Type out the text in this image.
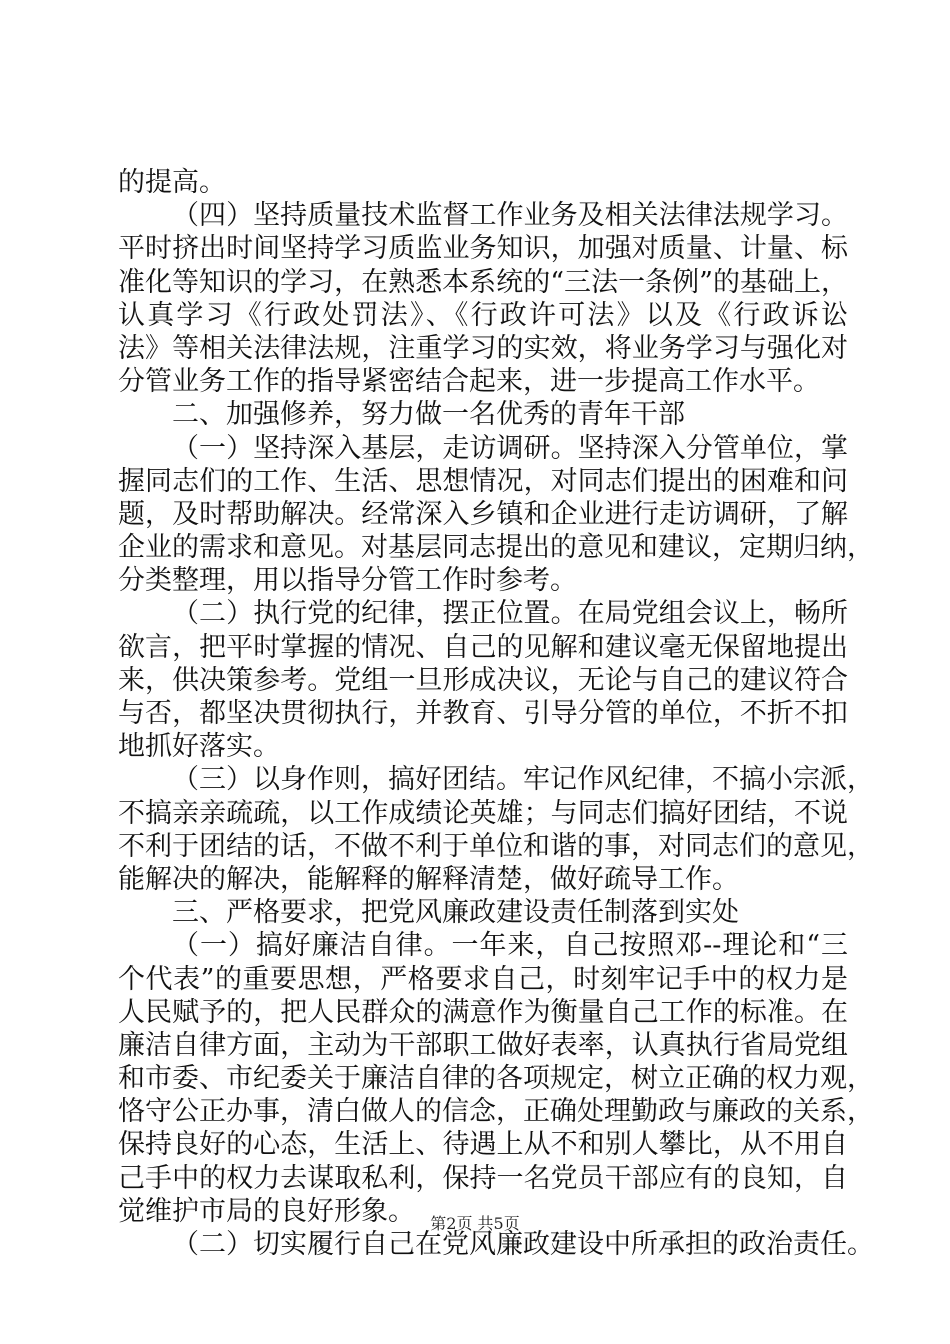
的提高。
（四）坚持质量技术监督工作业务及相关法律法规学习。
平时挤出时间坚持学习质监业务知识，加强对质量、计量、标
准化等知识的学习，在熟悉本系统的“三法一条例”的基础上，
认真学习《行政处罚法》、《行政许可法》以及《行政诉讼
法》等相关法律法规，注重学习的实效，将业务学习与强化对
分管业务工作的指导紧密结合起来，进一步提高工作水平。
二、加强修养，努力做一名优秀的青年干部
（一）坚持深入基层，走访调研。坚持深入分管单位，掌
握同志们的工作、生活、思想情况，对同志们提出的困难和问
题，及时帮助解决。经常深入乡镇和企业进行走访调研，了解
企业的需求和意见。对基层同志提出的意见和建议，定期归纳，
分类整理，用以指导分管工作时参考。
（二）执行党的纪律，摆正位置。在局党组会议上，畅所
欲言，把平时掌握的情况、自己的见解和建议毫无保留地提出
来，供决策参考。党组一旦形成决议，无论与自己的建议符合
与否，都坚决贯彻执行，并教育、引导分管的单位，不折不扣
地抓好落实。
（三）以身作则，搞好团结。牢记作风纪律，不搞小宗派，
不搞亲亲疏疏，以工作成绩论英雄；与同志们搞好团结，不说
不利于团结的话，不做不利于单位和谐的事，对同志们的意见，
能解决的解决，能解释的解释清楚，做好疏导工作。
三、严格要求，把党风廉政建设责任制落到实处
（一）搞好廉洁自律。一年来，自己按照邓--理论和“三
个代表”的重要思想，严格要求自己，时刻牢记手中的权力是
人民赋予的，把人民群众的满意作为衡量自己工作的标准。在
廉洁自律方面，主动为干部职工做好表率，认真执行省局党组
和市委、市纪委关于廉洁自律的各项规定，树立正确的权力观，
恪守公正办事，清白做人的信念，正确处理勤政与廉政的关系，
保持良好的心态，生活上、待遇上从不和别人攀比，从不用自
己手中的权力去谋取私利，保持一名党员干部应有的良知，自
觉维护市局的良好形象。
（二）切实履行自己在党风廉政建设中所承担的政治责任。
第2页 共5页
